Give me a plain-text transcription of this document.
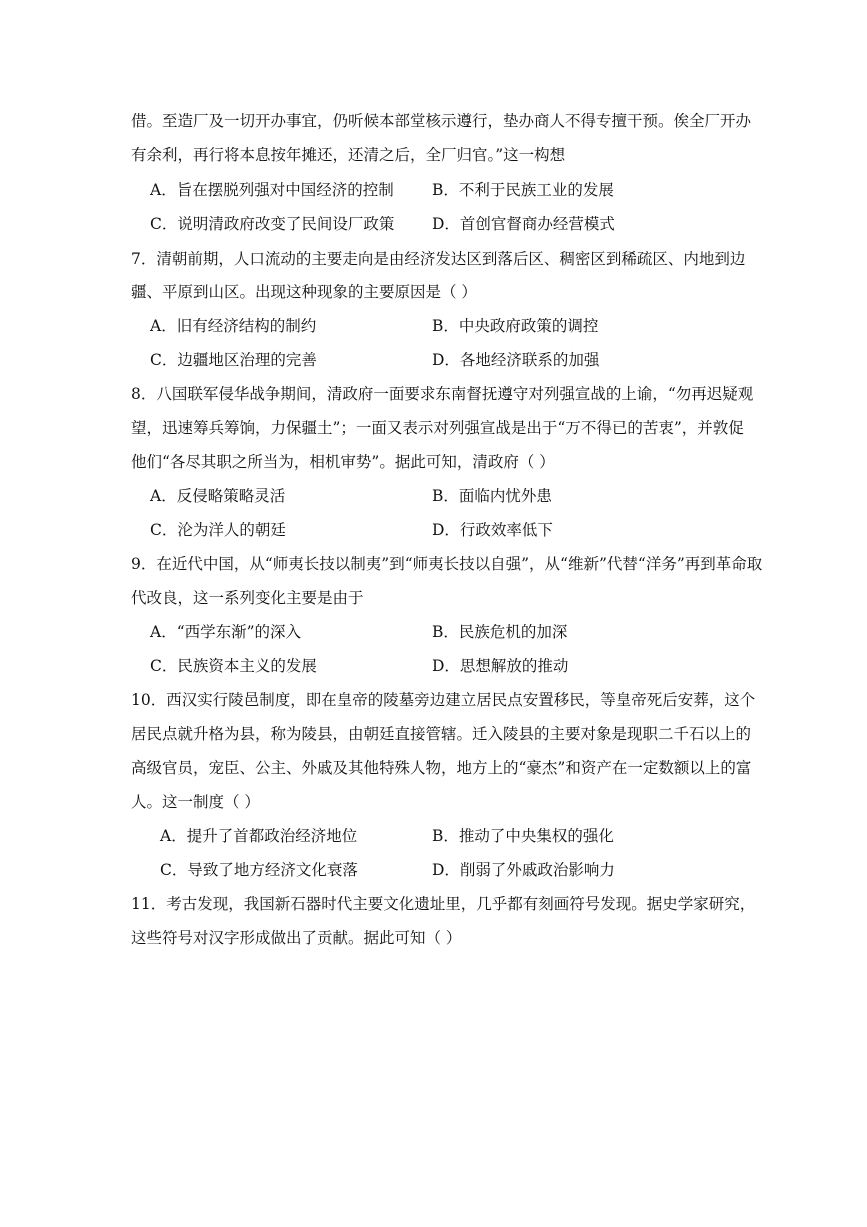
借。至造厂及一切开办事宜，仍听候本部堂核示遵行，垫办商人不得专擅干预。俟全厂开办
有余利，再行将本息按年摊还，还清之后，全厂归官。”这一构想
A．旨在摆脱列强对中国经济的控制 B．不利于民族工业的发展
C．说明清政府改变了民间设厂政策 D．首创官督商办经营模式
7．清朝前期，人口流动的主要走向是由经济发达区到落后区、稠密区到稀疏区、内地到边
疆、平原到山区。出现这种现象的主要原因是（ ）
A．旧有经济结构的制约	B．中央政府政策的调控
C．边疆地区治理的完善	D．各地经济联系的加强
8．八国联军侵华战争期间，清政府一面要求东南督抚遵守对列强宣战的上谕，“勿再迟疑观
望，迅速筹兵筹饷，力保疆土”；一面又表示对列强宣战是出于“万不得已的苦衷”，并敦促
他们“各尽其职之所当为，相机审势”。据此可知，清政府（ ）
A．反侵略策略灵活	B．面临内忧外患
C．沦为洋人的朝廷	D．行政效率低下
9．在近代中国，从“师夷长技以制夷”到“师夷长技以自强”，从“维新”代替“洋务”再到革命取
代改良，这一系列变化主要是由于
A．“西学东渐”的深入	B．民族危机的加深
C．民族资本主义的发展	D．思想解放的推动
10．西汉实行陵邑制度，即在皇帝的陵墓旁边建立居民点安置移民，等皇帝死后安葬，这个
居民点就升格为县，称为陵县，由朝廷直接管辖。迁入陵县的主要对象是现职二千石以上的
高级官员，宠臣、公主、外戚及其他特殊人物，地方上的“豪杰”和资产在一定数额以上的富
人。这一制度（ ）
A．提升了首都政治经济地位	B．推动了中央集权的强化
C．导致了地方经济文化衰落	D．削弱了外戚政治影响力
11．考古发现，我国新石器时代主要文化遗址里，几乎都有刻画符号发现。据史学家研究，
这些符号对汉字形成做出了贡献。据此可知（ ）
